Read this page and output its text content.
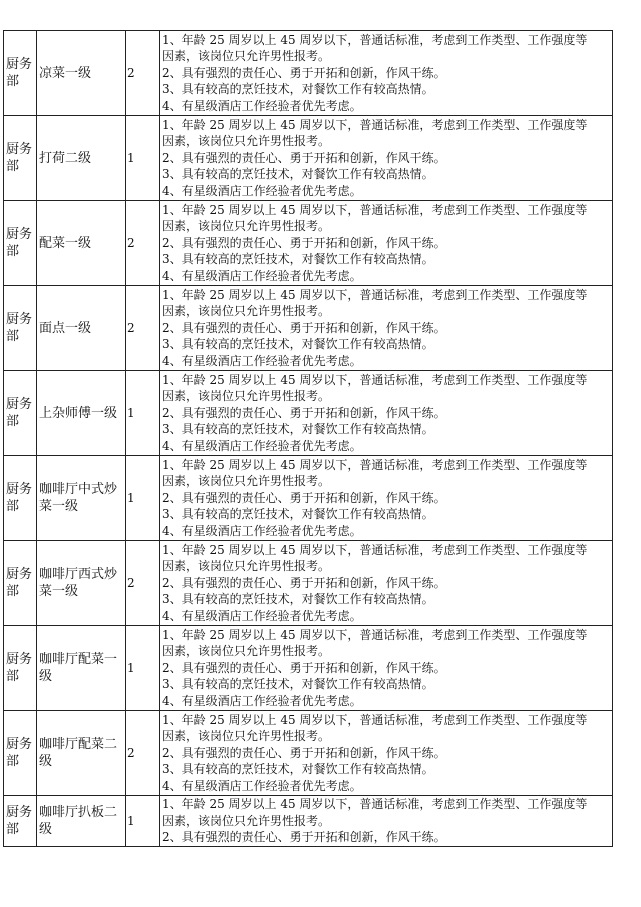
厨务部	凉菜一级	2	1、年龄 25 周岁以上 45 周岁以下，普通话标准，考虑到工作类型、工作强度等
因素，该岗位只允许男性报考。
2、具有强烈的责任心、勇于开拓和创新，作风干练。
3、具有较高的烹饪技术，对餐饮工作有较高热情。
4、有星级酒店工作经验者优先考虑。

厨务部	打荷二级	1	1、年龄 25 周岁以上 45 周岁以下，普通话标准，考虑到工作类型、工作强度等
因素，该岗位只允许男性报考。
2、具有强烈的责任心、勇于开拓和创新，作风干练。
3、具有较高的烹饪技术，对餐饮工作有较高热情。
4、有星级酒店工作经验者优先考虑。

厨务部	配菜一级	2	1、年龄 25 周岁以上 45 周岁以下，普通话标准，考虑到工作类型、工作强度等
因素，该岗位只允许男性报考。
2、具有强烈的责任心、勇于开拓和创新，作风干练。
3、具有较高的烹饪技术，对餐饮工作有较高热情。
4、有星级酒店工作经验者优先考虑。

厨务部	面点一级	2	1、年龄 25 周岁以上 45 周岁以下，普通话标准，考虑到工作类型、工作强度等
因素，该岗位只允许男性报考。
2、具有强烈的责任心、勇于开拓和创新，作风干练。
3、具有较高的烹饪技术，对餐饮工作有较高热情。
4、有星级酒店工作经验者优先考虑。

厨务部	上杂师傅一级	1	1、年龄 25 周岁以上 45 周岁以下，普通话标准，考虑到工作类型、工作强度等
因素，该岗位只允许男性报考。
2、具有强烈的责任心、勇于开拓和创新，作风干练。
3、具有较高的烹饪技术，对餐饮工作有较高热情。
4、有星级酒店工作经验者优先考虑。

厨务部	咖啡厅中式炒菜一级	1	1、年龄 25 周岁以上 45 周岁以下，普通话标准，考虑到工作类型、工作强度等
因素，该岗位只允许男性报考。
2、具有强烈的责任心、勇于开拓和创新，作风干练。
3、具有较高的烹饪技术，对餐饮工作有较高热情。
4、有星级酒店工作经验者优先考虑。

厨务部	咖啡厅西式炒菜一级	2	1、年龄 25 周岁以上 45 周岁以下，普通话标准，考虑到工作类型、工作强度等
因素，该岗位只允许男性报考。
2、具有强烈的责任心、勇于开拓和创新，作风干练。
3、具有较高的烹饪技术，对餐饮工作有较高热情。
4、有星级酒店工作经验者优先考虑。

厨务部	咖啡厅配菜一级	1	1、年龄 25 周岁以上 45 周岁以下，普通话标准，考虑到工作类型、工作强度等
因素，该岗位只允许男性报考。
2、具有强烈的责任心、勇于开拓和创新，作风干练。
3、具有较高的烹饪技术，对餐饮工作有较高热情。
4、有星级酒店工作经验者优先考虑。

厨务部	咖啡厅配菜二级	2	1、年龄 25 周岁以上 45 周岁以下，普通话标准，考虑到工作类型、工作强度等
因素，该岗位只允许男性报考。
2、具有强烈的责任心、勇于开拓和创新，作风干练。
3、具有较高的烹饪技术，对餐饮工作有较高热情。
4、有星级酒店工作经验者优先考虑。

厨务部	咖啡厅扒板二级	1	1、年龄 25 周岁以上 45 周岁以下，普通话标准，考虑到工作类型、工作强度等
因素，该岗位只允许男性报考。
2、具有强烈的责任心、勇于开拓和创新，作风干练。
